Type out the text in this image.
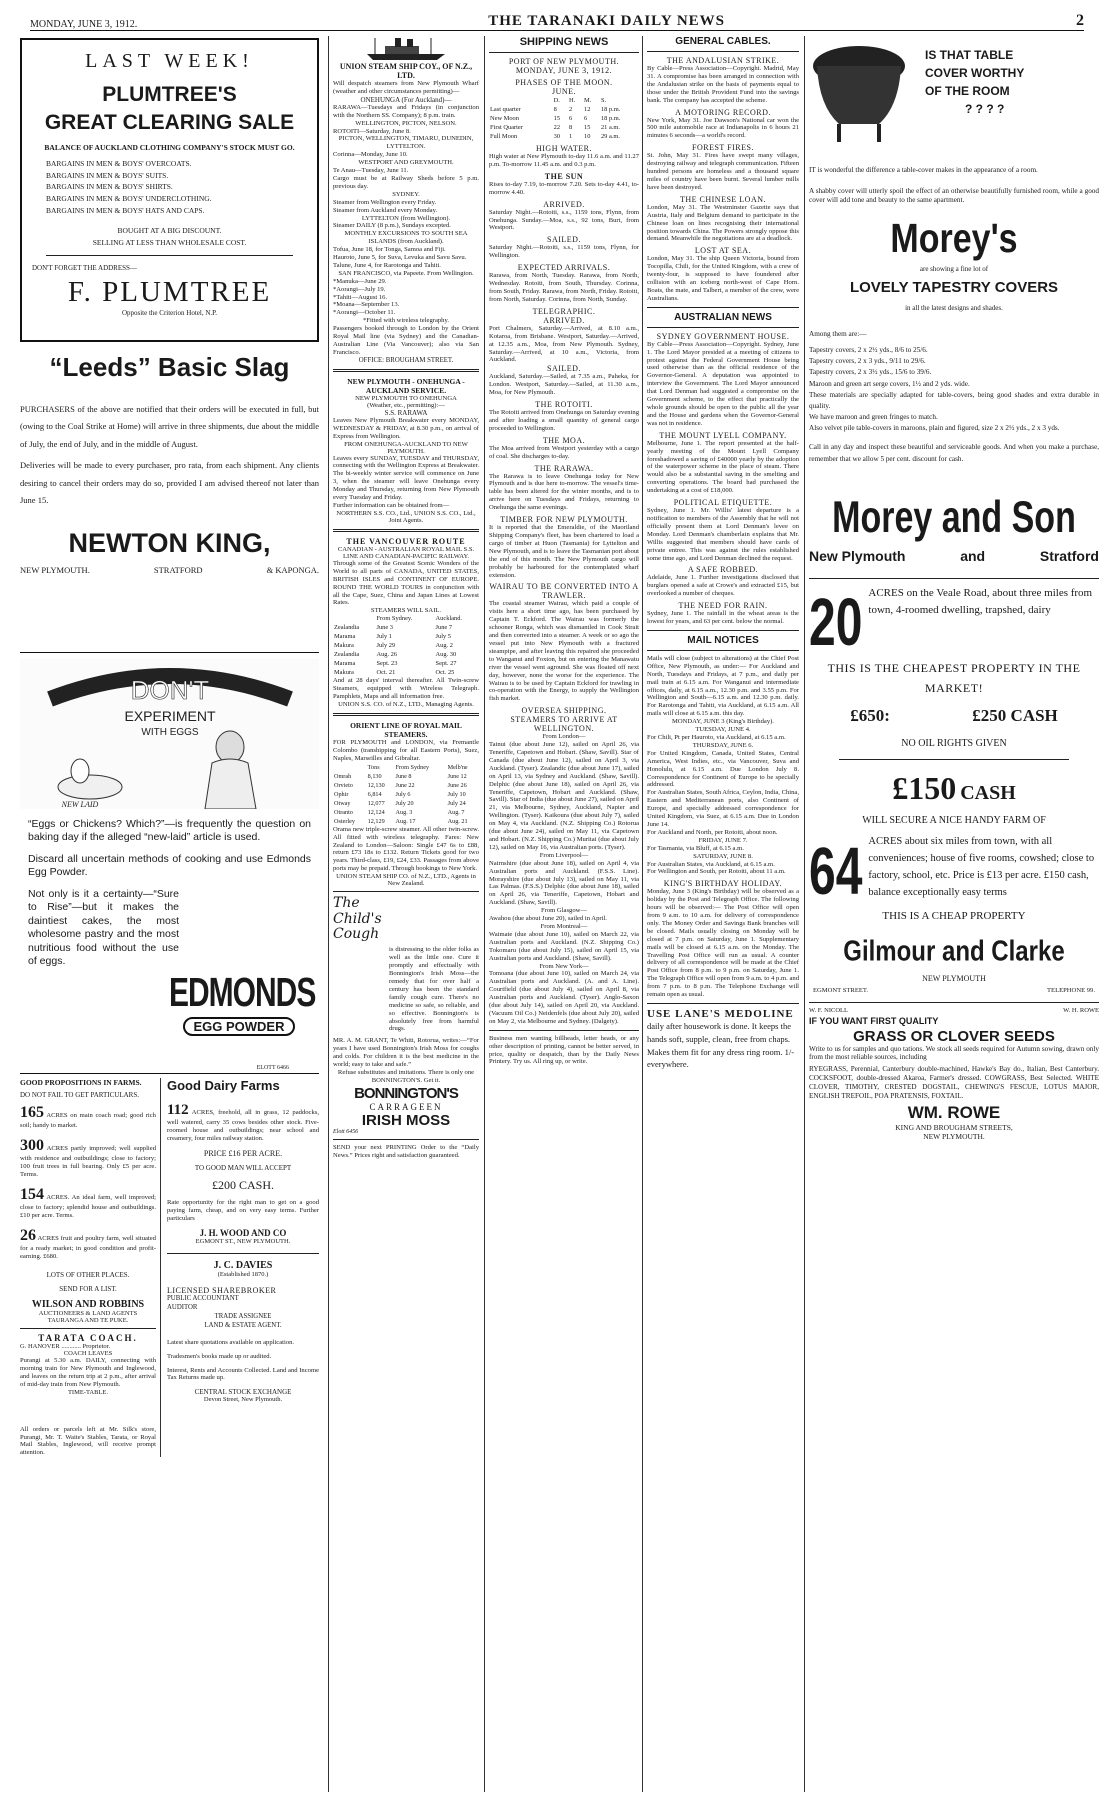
MONDAY, JUNE 3, 1912.	THE TARANAKI DAILY NEWS	2
LAST WEEK!
PLUMTREE'S
GREAT CLEARING SALE
BALANCE OF AUCKLAND CLOTHING COMPANY'S STOCK MUST GO.
BARGAINS IN MEN & BOYS' OVERCOATS.
BARGAINS IN MEN & BOYS' SUITS.
BARGAINS IN MEN & BOYS' SHIRTS.
BARGAINS IN MEN & BOYS' UNDERCLOTHING.
BARGAINS IN MEN & BOYS' HATS AND CAPS.
BOUGHT AT A BIG DISCOUNT.
SELLING AT LESS THAN WHOLESALE COST.
DON'T FORGET THE ADDRESS—
F. PLUMTREE
Opposite the Criterion Hotel, N.P.
“Leeds” Basic Slag
PURCHASERS of the above are notified that their orders will be executed in full, but (owing to the Coal Strike at Home) will arrive in three shipments, due about the middle of July, the end of July, and in the middle of August.
Deliveries will be made to every purchaser, pro rata, from each shipment. Any clients desiring to cancel their orders may do so, provided I am advised thereof not later than June 15.
NEWTON KING,
NEW PLYMOUTH.	STRATFORD	& KAPONGA.
DON'T
EXPERIMENT
WITH EGGS
NEW LAID
“Eggs or Chickens? Which?”—is frequently the question on baking day if the alleged “new-laid” article is used.
Discard all uncertain methods of cooking and use Edmonds Egg Powder.
Not only is it a certainty—“Sure to Rise”—but it makes the daintiest cakes, the most wholesome pastry and the most nutritious food without the use of eggs.
EDMONDS
EGG POWDER
ELOTT 6466
GOOD PROPOSITIONS IN FARMS.
DO NOT FAIL TO GET PARTICULARS.
165 ACRES on main coach road; good rich soil; handy to market.
300 ACRES partly improved; well supplied with residence and outbuildings; close to factory; 100 fruit trees in full bearing. Only £5 per acre. Terms.
154 ACRES. An ideal farm, well improved; close to factory; splendid house and outbuildings. £10 per acre. Terms.
26 ACRES fruit and poultry farm, well situated for a ready market; in good condition and profit-earning. £680.
LOTS OF OTHER PLACES.
SEND FOR A LIST.
WILSON AND ROBBINS
AUCTIONEERS & LAND AGENTS
TAURANGA AND TE PUKE.
TARATA COACH.
G. HANOVER ............ Proprietor.
COACH LEAVES
Purangi at 5.30 a.m. DAILY, connecting with morning train for New Plymouth and Inglewood, and leaves on the return trip at 2 p.m., after arrival of mid-day train from New Plymouth.
TIME-TABLE.
All orders or parcels left at Mr. Silk's store, Purangi, Mr. T. Waite's Stables, Tarata, or Royal Mail Stables, Inglewood, will receive prompt attention.
Good Dairy Farms
112 ACRES, freehold, all in grass, 12 paddocks, well watered, carry 35 cows besides other stock. Five-roomed house and outbuildings; near school and creamery, four miles railway station.
PRICE £16 PER ACRE.
TO GOOD MAN WILL ACCEPT
£200 CASH.
Rate opportunity for the right man to get on a good paying farm, cheap, and on very easy terms. Further particulars
J. H. WOOD AND CO
EGMONT ST., NEW PLYMOUTH.
J. C. DAVIES
(Established 1870.)
LICENSED SHAREBROKER
PUBLIC ACCOUNTANT
AUDITOR
TRADE ASSIGNEE
LAND & ESTATE AGENT.
Latest share quotations available on application.
Tradesmen's books made up or audited.
Interest, Rents and Accounts Collected. Land and Income Tax Returns made up.
CENTRAL STOCK EXCHANGE
Devon Street, New Plymouth.
UNION STEAM SHIP COY., OF N.Z., LTD.
Will despatch steamers from New Plymouth Wharf (weather and other circumstances permitting)—
ONEHUNGA (For Auckland)—
RARAWA—Tuesdays and Fridays (in conjunction with the Northern SS. Company); 8 p.m. train.
WELLINGTON, PICTON, NELSON.
ROTOITI—Saturday, June 8.
PICTON, WELLINGTON, TIMARU, DUNEDIN, LYTTELTON.
Corinna—Monday, June 10.
WESTPORT AND GREYMOUTH.
Te Anau—Tuesday, June 11.
Cargo must be at Railway Sheds before 5 p.m. previous day.
SYDNEY.
Steamer from Wellington every Friday.
Steamer from Auckland every Monday.
LYTTELTON (from Wellington).
Steamer DAILY (8 p.m.), Sundays excepted.
MONTHLY EXCURSIONS TO SOUTH SEA ISLANDS (from Auckland).
Tofua, June 18, for Tonga, Samoa and Fiji.
Hauroto, June 5, for Suva, Levuka and Savu Savu.
Talune, June 4, for Rarotonga and Tahiti.
SAN FRANCISCO, via Papeete. From Wellington.
*Manuka—June 29.
*Aorangi—July 19.
*Tahiti—August 16.
*Moana—September 13.
*Aorangi—October 11.
*Fitted with wireless telegraphy.
Passengers booked through to London by the Orient Royal Mail line (via Sydney) and the Canadian-Australian Line (Via Vancouver); also via San Francisco.
OFFICE: BROUGHAM STREET.
NEW PLYMOUTH - ONEHUNGA - AUCKLAND SERVICE.
NEW PLYMOUTH TO ONEHUNGA
(Weather, etc., permitting):—
S.S. RARAWA
Leaves New Plymouth Breakwater every MONDAY, WEDNESDAY & FRIDAY, at 8.30 p.m., on arrival of Express from Wellington.
FROM ONEHUNGA-AUCKLAND TO NEW PLYMOUTH.
Leaves every SUNDAY, TUESDAY and THURSDAY, connecting with the Wellington Express at Breakwater. The bi-weekly winter service will commence on June 3, when the steamer will leave Onehunga every Monday and Thursday, returning from New Plymouth every Tuesday and Friday.
Further information can be obtained from—
NORTHERN S.S. CO., Ltd., UNION S.S. CO., Ltd., Joint Agents.
THE VANCOUVER ROUTE
CANADIAN - AUSTRALIAN ROYAL MAIL S.S. LINE AND CANADIAN-PACIFIC RAILWAY.
Through some of the Greatest Scenic Wonders of the World to all parts of CANADA, UNITED STATES, BRITISH ISLES and CONTINENT OF EUROPE. ROUND THE WORLD TOURS in conjunction with all the Cape, Suez, China and Japan Lines at Lowest Rates.
STEAMERS WILL SAIL.
	From Sydney.	Auckland.
Zealandia	June 3	June 7
Marama	July 1	July 5
Makura	July 29	Aug. 2
Zealandia	Aug. 26	Aug. 30
Marama	Sept. 23	Sept. 27
Makura	Oct. 21	Oct. 25
And at 28 days' interval thereafter. All Twin-screw Steamers, equipped with Wireless Telegraph. Pamphlets, Maps and all information free.
UNION S.S. CO. of N.Z., LTD., Managing Agents.
ORIENT LINE OF ROYAL MAIL STEAMERS.
FOR PLYMOUTH and LONDON, via Fremantle Colombo (transhipping for all Eastern Ports), Suez, Naples, Marseilles and Gibraltar.
	Tons	From Sydney	Melb'ne
Omrah	8,130	June 8	June 12
Orvieto	12,130	June 22	June 26
Ophir	6,814	July 6	July 10
Otway	12,077	July 20	July 24
Otranto	12,124	Aug. 3	Aug. 7
Osterley	12,129	Aug. 17	Aug. 21
Orama new triple-screw steamer. All other twin-screw. All fitted with wireless telegraphy. Fares: New Zealand to London—Saloon: Single £47 6s to £88, return £73 18s to £132. Return Tickets good for two years. Third-class, £19, £24, £33. Passages from above ports may be prepaid. Through bookings to New York.
UNION STEAM SHIP CO. of N.Z., LTD., Agents in New Zealand.
The Child's Cough
is distressing to the older folks as well as the little one. Cure it promptly and effectually with Bonnington's Irish Moss—the remedy that for over half a century has been the standard family cough cure. There's no medicine so safe, so reliable, and so effective. Bonnington's is absolutely free from harmful drugs.
MR. A. M. GRANT, Te Whiti, Rotorua, writes:—“For years I have used Bonnington's Irish Moss for coughs and colds. For children it is the best medicine in the world; easy to take and safe.”
Refuse substitutes and imitations. There is only one BONNINGTON'S. Get it.
BONNINGTON'S
CARRAGEEN
IRISH MOSS
Elott 6456
SEND your next PRINTING Order to the “Daily News.” Prices right and satisfaction guaranteed.
SHIPPING NEWS
PORT OF NEW PLYMOUTH.
MONDAY, JUNE 3, 1912.
PHASES OF THE MOON.
JUNE.
	D.	H.	M.	S.
Last quarter	8	2	12	18 p.m.
New Moon	15	6	6	18 p.m.
First Quarter	22	8	15	21 a.m.
Full Moon	30	1	10	29 a.m.
HIGH WATER.
High water at New Plymouth to-day 11.6 a.m. and 11.27 p.m. To-morrow 11.45 a.m. and 0.3 p.m.
THE SUN
Rises to-day 7.19, to-morrow 7.20. Sets to-day 4.41, to-morrow 4.40.
ARRIVED.
Saturday Night.—Rotoiti, s.s., 1159 tons, Flynn, from Onehunga. Sunday.—Moa, s.s., 92 tons, Burt, from Westport.
SAILED.
Saturday Night.—Rotoiti, s.s., 1159 tons, Flynn, for Wellington.
EXPECTED ARRIVALS.
Rarawa, from North, Tuesday. Rarawa, from North, Wednesday. Rotoiti, from South, Thursday. Corinna, from South, Friday. Rarawa, from North, Friday. Rotoiti, from North, Saturday. Corinna, from North, Sunday.
TELEGRAPHIC.
ARRIVED.
Port Chalmers, Saturday.—Arrived, at 8.10 a.m., Kotaroa, from Brisbane. Westport, Saturday.—Arrived, at 12.35 a.m., Moa, from New Plymouth. Sydney, Saturday.—Arrived, at 10 a.m., Victoria, from Auckland.
SAILED.
Auckland, Saturday.—Sailed, at 7.35 a.m., Paheka, for London. Westport, Saturday.—Sailed, at 11.30 a.m., Moa, for New Plymouth.
THE ROTOITI.
The Rotoiti arrived from Onehunga on Saturday evening and after loading a small quantity of general cargo proceeded to Wellington.
THE MOA.
The Moa arrived from Westport yesterday with a cargo of coal. She discharges to-day.
THE RARAWA.
The Rarawa is to leave Onehunga today for New Plymouth and is due here to-morrow. The vessel's time-table has been altered for the winter months, and is to arrive here on Tuesdays and Fridays, returning to Onehunga the same evenings.
TIMBER FOR NEW PLYMOUTH.
It is reported that the Emeraldie, of the Maoriland Shipping Company's fleet, has been chartered to load a cargo of timber at Huon (Tasmania) for Lyttelton and New Plymouth, and is to leave the Tasmanian port about the end of this month. The New Plymouth cargo will probably be harboured for the contemplated wharf extension.
WAIRAU TO BE CONVERTED INTO A TRAWLER.
The coastal steamer Wairau, which paid a couple of visits here a short time ago, has been purchased by Captain T. Eckford. The Wairau was formerly the schooner Ronga, which was dismantled in Cook Strait and then converted into a steamer. A week or so ago the vessel put into New Plymouth with a fractured steampipe, and after leaving this repaired she proceeded to Wanganui and Foxton, but on entering the Manawatu river the vessel went aground. She was floated off next day, however, none the worse for the experience. The Wairau is to be used by Captain Eckford for trawling in co-operation with the Energy, to supply the Wellington fish market.
OVERSEA SHIPPING.
STEAMERS TO ARRIVE AT WELLINGTON.
From London—
Tainui (due about June 12), sailed on April 26, via Teneriffe, Capetown and Hobart. (Shaw, Savill). Star of Canada (due about June 12), sailed on April 3, via Auckland. (Tyser). Zealandic (due about June 17), sailed on April 13, via Sydney and Auckland. (Shaw, Savill). Delphic (due about June 18), sailed on April 26, via Teneriffe, Capetown, Hobart and Auckland. (Shaw, Savill). Star of India (due about June 27), sailed on April 21, via Melbourne, Sydney, Auckland, Napier and Wellington. (Tyser). Kaikoura (due about July 7), sailed on May 4, via Auckland. (N.Z. Shipping Co.) Rotorua (due about June 24), sailed on May 11, via Capetown and Hobart. (N.Z. Shipping Co.) Muritai (due about July 12), sailed on May 16, via Australian ports. (Tyser).
From Liverpool—
Nairnshire (due about June 18), sailed on April 4, via Australian ports and Auckland. (F.S.S. Line). Morayshire (due about July 13), sailed on May 11, via Las Palmas. (F.S.S.) Delphic (due about June 18), sailed on April 26, via Teneriffe, Capetown, Hobart and Auckland. (Shaw, Savill).
From Glasgow—
Awahou (due about June 20), sailed in April.
From Montreal—
Waimate (due about June 10), sailed on March 22, via Australian ports and Auckland. (N.Z. Shipping Co.) Tokomaru (due about July 15), sailed on April 15, via Australian ports and Auckland. (Shaw, Savill).
From New York—
Tomoana (due about June 10), sailed on March 24, via Australian ports and Auckland. (A. and A. Line). Courtfield (due about July 4), sailed on April 8, via Australian ports and Auckland. (Tyser). Anglo-Saxon (due about July 14), sailed on April 20, via Auckland. (Vacuum Oil Co.) Neidenfels (due about July 20), sailed on May 2, via Melbourne and Sydney. (Dalgety).
Business men wanting billheads, letter heads, or any other description of printing, cannot be better served, in price, quality or despatch, than by the Daily News Printery. Try us. All ring up, or write.
GENERAL CABLES.
THE ANDALUSIAN STRIKE.
By Cable—Press Association—Copyright. Madrid, May 31. A compromise has been arranged in connection with the Andalusian strike on the basis of payments equal to those under the British Provident Fund into the savings bank. The company has accepted the scheme.
A MOTORING RECORD.
New York, May 31. Joe Dawson's National car won the 500 mile automobile race at Indianapolis in 6 hours 21 minutes 6 seconds—a world's record.
FOREST FIRES.
St. John, May 31. Fires have swept many villages, destroying railway and telegraph communication. Fifteen hundred persons are homeless and a thousand square miles of country have been burnt. Several lumber mills have been destroyed.
THE CHINESE LOAN.
London, May 31. The Westminster Gazette says that Austria, Italy and Belgium demand to participate in the Chinese loan on lines recognising their international position towards China. The Powers strongly oppose this demand. Meanwhile the negotiations are at a deadlock.
LOST AT SEA.
London, May 31. The ship Queen Victoria, bound from Tocopilla, Chili, for the United Kingdom, with a crew of twenty-four, is supposed to have foundered after collision with an iceberg north-west of Cape Horn. Boats, the mate, and Talbert, a member of the crew, were Australians.
AUSTRALIAN NEWS
SYDNEY GOVERNMENT HOUSE.
By Cable—Press Association—Copyright. Sydney, June 1. The Lord Mayor presided at a meeting of citizens to protest against the Federal Government House being used otherwise than as the official residence of the Governor-General. A deputation was appointed to interview the Government. The Lord Mayor announced that Lord Denman had suggested a compromise on the Government scheme, to the effect that practically the whole grounds should be open to the public all the year and the House and gardens when the Governor-General was not in residence.
THE MOUNT LYELL COMPANY.
Melbourne, June 1. The report presented at the half-yearly meeting of the Mount Lyell Company foreshadowed a saving of £40000 yearly by the adoption of the waterpower scheme in the place of steam. There would also be a substantial saving in the smelting and converting operations. The board had purchased the undertaking at a cost of £18,000.
POLITICAL ETIQUETTE.
Sydney, June 1. Mr. Willis' latest departure is a notification to members of the Assembly that he will not officially present them at Lord Denman's levee on Monday. Lord Denman's chamberlain explains that Mr. Willis suggested that members should have cards of private entree. This was against the rules established some time ago, and Lord Denman declined the request.
A SAFE ROBBED.
Adelaide, June 1. Further investigations disclosed that burglars opened a safe at Crowe's and extracted £15, but overlooked a number of cheques.
THE NEED FOR RAIN.
Sydney, June 1. The rainfall in the wheat areas is the lowest for years, and 63 per cent. below the normal.
MAIL NOTICES
Mails will close (subject to alterations) at the Chief Post Office, New Plymouth, as under:— For Auckland and North, Tuesdays and Fridays, at 7 p.m., and daily per mail train at 6.15 a.m. For Wanganui and intermediate offices, daily, at 6.15 a.m., 12.30 p.m. and 3.55 p.m. For Wellington and South—6.15 a.m. and 12.30 p.m. daily. For Rarotonga and Tahiti, via Auckland, at 6.15 a.m. All mails will close at 6.15 a.m. this day.
MONDAY, JUNE 3 (King's Birthday).
TUESDAY, JUNE 4.
For Chili, Pt per Hauroto, via Auckland, at 6.15 a.m.
THURSDAY, JUNE 6.
For United Kingdom, Canada, United States, Central America, West Indies, etc., via Vancouver, Suva and Honolulu, at 6.15 a.m. Due London July 8. Correspondence for Continent of Europe to be specially addressed.
For Australian States, South Africa, Ceylon, India, China, Eastern and Mediterranean ports, also Continent of Europe, and specially addressed correspondence for United Kingdom, via Suez, at 6.15 a.m. Due in London June 14.
For Auckland and North, per Rotoiti, about noon.
FRIDAY, JUNE 7.
For Tasmania, via Bluff, at 6.15 a.m.
SATURDAY, JUNE 8.
For Australian States, via Auckland, at 6.15 a.m.
For Wellington and South, per Rotoiti, about 11 a.m.
KING'S BIRTHDAY HOLIDAY.
Monday, June 3 (King's Birthday) will be observed as a holiday by the Post and Telegraph Office. The following hours will be observed:— The Post Office will open from 9 a.m. to 10 a.m. for delivery of correspondence only. The Money Order and Savings Bank branches will be closed. Mails usually closing on Monday will be closed at 7 p.m. on Saturday, June 1. Supplementary mails will be closed at 6.15 a.m. on the Monday. The Travelling Post Office will run as usual. A counter delivery of all correspondence will be made at the Chief Post Office from 8 p.m. to 9 p.m. on Saturday, June 1. The Telegraph Office will open from 9 a.m. to 4 p.m. and from 7 p.m. to 8 p.m. The Telephone Exchange will remain open as usual.
USE LANE'S MEDOLINE
daily after housework is done. It keeps the hands soft, supple, clean, free from chaps. Makes them fit for any dress ring room. 1/- everywhere.
IS THAT TABLE
COVER WORTHY
OF THE ROOM
? ? ? ?
IT is wonderful the difference a table-cover makes in the appearance of a room.
A shabby cover will utterly spoil the effect of an otherwise beautifully furnished room, while a good cover will add tone and beauty to the same apartment.
Morey's
are showing a fine lot of
LOVELY TAPESTRY COVERS
in all the latest designs and shades.
Among them are:—
Tapestry covers, 2 x 2½ yds., 8/6 to 25/6.
Tapestry covers, 2 x 3 yds., 9/11 to 29/6.
Tapestry covers, 2 x 3½ yds., 15/6 to 39/6.
Maroon and green art serge covers, 1½ and 2 yds. wide.
These materials are specially adapted for table-covers, being good shades and extra durable in quality.
We have maroon and green fringes to match.
Also velvet pile table-covers in maroons, plain and figured, size 2 x 2½ yds., 2 x 3 yds.
Call in any day and inspect these beautiful and serviceable goods. And when you make a purchase, remember that we allow 5 per cent. discount for cash.
Morey and Son
New Plymouth	and	Stratford
20 ACRES on the Veale Road, about three miles from town, 4-roomed dwelling, trapshed, dairy
THIS IS THE CHEAPEST PROPERTY IN THE MARKET!
£650:	£250 CASH
NO OIL RIGHTS GIVEN
£150 CASH
WILL SECURE A NICE HANDY FARM OF
64 ACRES about six miles from town, with all conveniences; house of five rooms, cowshed; close to factory, school, etc. Price is £13 per acre. £150 cash, balance exceptionally easy terms
THIS IS A CHEAP PROPERTY
Gilmour and Clarke
NEW PLYMOUTH
EGMONT STREET.	TELEPHONE 99.
W. F. NICOLL	W. H. ROWE
IF YOU WANT FIRST QUALITY
GRASS OR CLOVER SEEDS
Write to us for samples and quo tations. We stock all seeds required for Autumn sowing, drawn only from the most reliable sources, including
RYEGRASS, Perennial, Canterbury double-machined, Hawke's Bay do., Italian, Best Canterbury. COCKSFOOT, double-dressed Akaroa, Farmer's dressed. COWGRASS, Best Selected. WHITE CLOVER, TIMOTHY, CRESTED DOGSTAIL, CHEWING'S FESCUE, LOTUS MAJOR, ENGLISH TREFOIL, POA PRATENSIS, FOXTAIL.
WM. ROWE
KING AND BROUGHAM STREETS,
NEW PLYMOUTH.
